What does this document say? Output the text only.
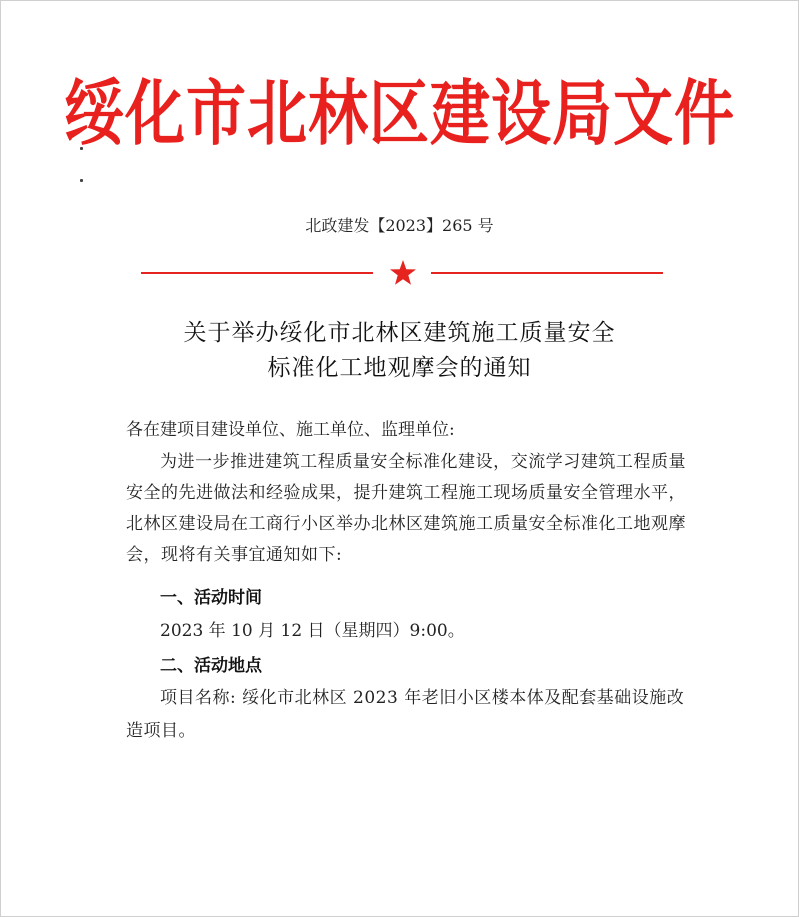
绥化市北林区建设局文件
北政建发【2023】265 号
关于举办绥化市北林区建筑施工质量安全
标准化工地观摩会的通知
各在建项目建设单位、施工单位、监理单位:
为进一步推进建筑工程质量安全标准化建设，交流学习建筑工程质量安全的先进做法和经验成果，提升建筑工程施工现场质量安全管理水平，北林区建设局在工商行小区举办北林区建筑施工质量安全标准化工地观摩会，现将有关事宜通知如下:
一、活动时间
2023 年 10 月 12 日（星期四）9:00。
二、活动地点
项目名称: 绥化市北林区 2023 年老旧小区楼本体及配套基础设施改造项目。
